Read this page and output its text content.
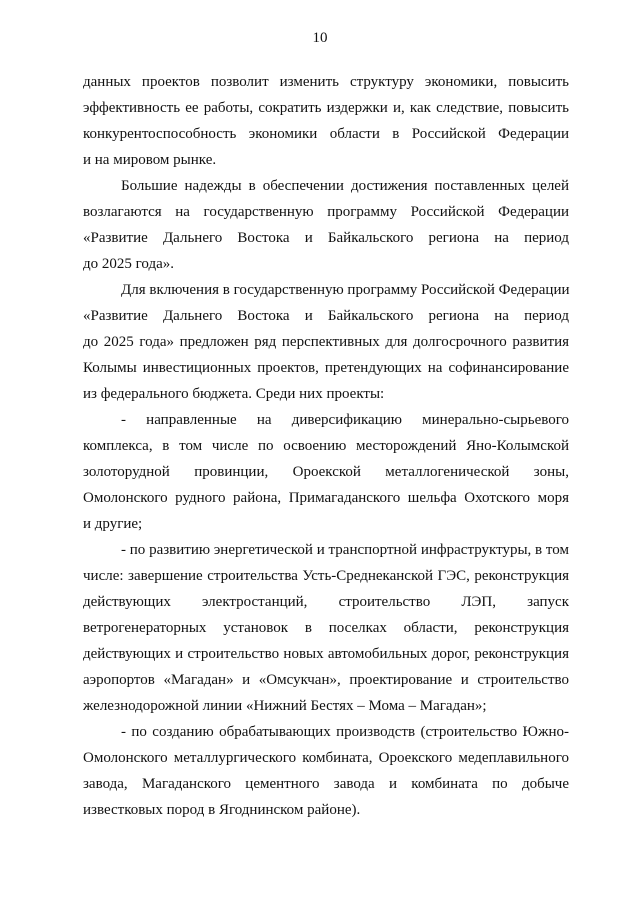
10
данных проектов позволит изменить структуру экономики, повысить
эффективность ее работы, сократить издержки и, как следствие, повысить
конкурентоспособность экономики области в Российской Федерации
и на мировом рынке.
Большие надежды в обеспечении достижения поставленных целей
возлагаются на государственную программу Российской Федерации
«Развитие Дальнего Востока и Байкальского региона на период
до 2025 года».
Для включения в государственную программу Российской Федерации
«Развитие Дальнего Востока и Байкальского региона на период
до 2025 года» предложен ряд перспективных для долгосрочного развития
Колымы инвестиционных проектов, претендующих на софинансирование
из федерального бюджета. Среди них проекты:
- направленные на диверсификацию минерально-сырьевого
комплекса, в том числе по освоению месторождений Яно-Колымской
золоторудной провинции, Ороекской металлогенической зоны,
Омолонского рудного района, Примагаданского шельфа Охотского моря
и другие;
- по развитию энергетической и транспортной инфраструктуры, в том
числе: завершение строительства Усть-Среднеканской ГЭС, реконструкция
действующих электростанций, строительство ЛЭП, запуск
ветрогенераторных установок в поселках области, реконструкция
действующих и строительство новых автомобильных дорог, реконструкция
аэропортов «Магадан» и «Омсукчан», проектирование и строительство
железнодорожной линии «Нижний Бестях – Мома – Магадан»;
- по созданию обрабатывающих производств (строительство Южно-
Омолонского металлургического комбината, Ороекского медеплавильного
завода, Магаданского цементного завода и комбината по добыче
известковых пород в Ягоднинском районе).
